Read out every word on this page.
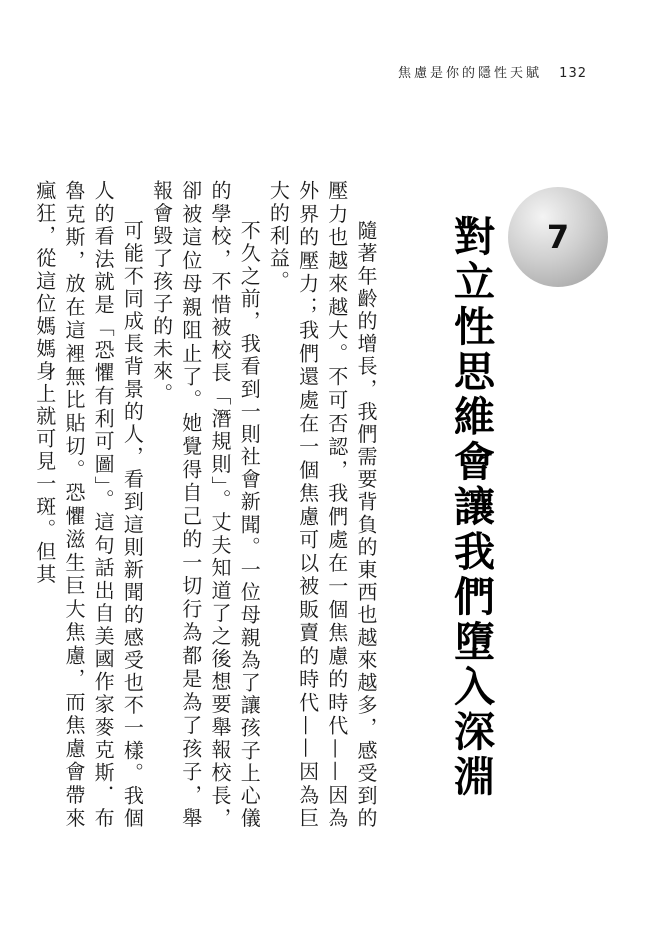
焦慮是你的隱性天賦 132
7
對立性思維會讓我們墮入深淵

隨著年齡的增長，我們需要背負的東西也越來越多，感受到的壓力也越來越大。不可否認，我們處在一個焦慮的時代——因為外界的壓力；我們還處在一個焦慮可以被販賣的時代——因為巨大的利益。

不久之前，我看到一則社會新聞。一位母親為了讓孩子上心儀的學校，不惜被校長「潛規則」。丈夫知道了之後想要舉報校長，卻被這位母親阻止了。她覺得自己的一切行為都是為了孩子，舉報會毀了孩子的未來。

可能不同成長背景的人，看到這則新聞的感受也不一樣。我個人的看法就是「恐懼有利可圖」。這句話出自美國作家麥克斯．布魯克斯，放在這裡無比貼切。恐懼滋生巨大焦慮，而焦慮會帶來瘋狂，從這位媽媽身上就可見一斑。但其
